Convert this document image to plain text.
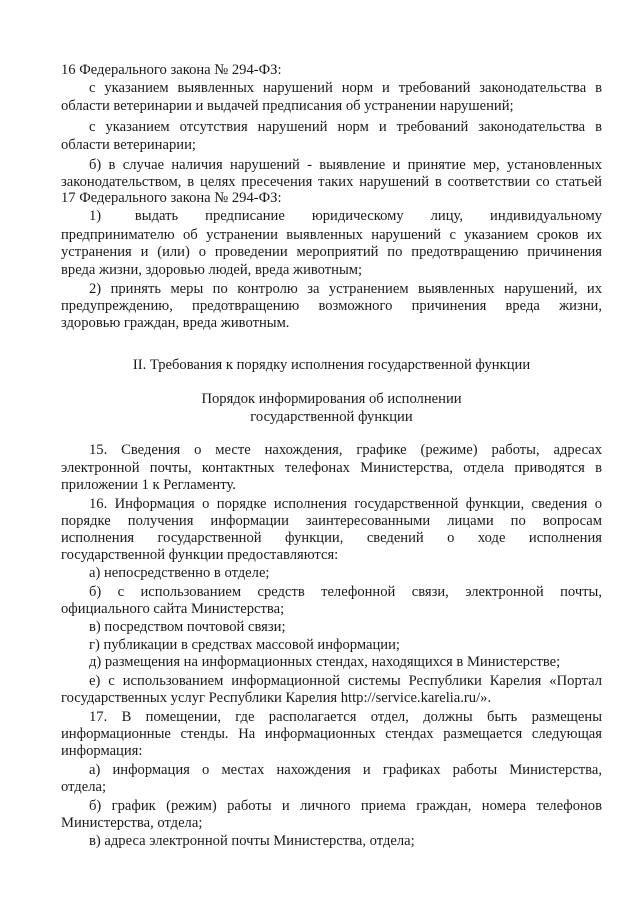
16 Федерального закона № 294-ФЗ:
с указанием выявленных нарушений норм и требований законодательства в
области ветеринарии и выдачей предписания об устранении нарушений;
с указанием отсутствия нарушений норм и требований законодательства в
области ветеринарии;
б) в случае наличия нарушений - выявление и принятие мер, установленных
законодательством, в целях пресечения таких нарушений в соответствии со статьей
17 Федерального закона № 294-ФЗ:
1)     выдать    предписание    юридическому    лицу,    индивидуальному
предпринимателю об устранении выявленных нарушений с указанием сроков их
устранения и (или) о проведении мероприятий по предотвращению причинения
вреда жизни, здоровью людей, вреда животным;
2) принять меры по контролю за устранением выявленных нарушений, их
предупреждению, предотвращению возможного причинения вреда жизни,
здоровью граждан, вреда животным.
II. Требования к порядку исполнения государственной функции
Порядок информирования об исполнении
государственной функции
15. Сведения о месте нахождения, графике (режиме) работы, адресах
электронной почты, контактных телефонах Министерства, отдела приводятся в
приложении 1 к Регламенту.
16. Информация о порядке исполнения государственной функции, сведения о
порядке получения информации заинтересованными лицами по вопросам
исполнения государственной функции, сведений о ходе исполнения
государственной функции предоставляются:
а) непосредственно в отделе;
б) с использованием средств телефонной связи, электронной почты,
официального сайта Министерства;
в) посредством почтовой связи;
г) публикации в средствах массовой информации;
д) размещения на информационных стендах, находящихся в Министерстве;
е) с использованием информационной системы Республики Карелия «Портал
государственных услуг Республики Карелия http://service.karelia.ru/».
17. В помещении, где располагается отдел, должны быть размещены
информационные стенды. На информационных стендах размещается следующая
информация:
а) информация о местах нахождения и графиках работы Министерства,
отдела;
б) график (режим) работы и личного приема граждан, номера телефонов
Министерства, отдела;
в) адреса электронной почты Министерства, отдела;
